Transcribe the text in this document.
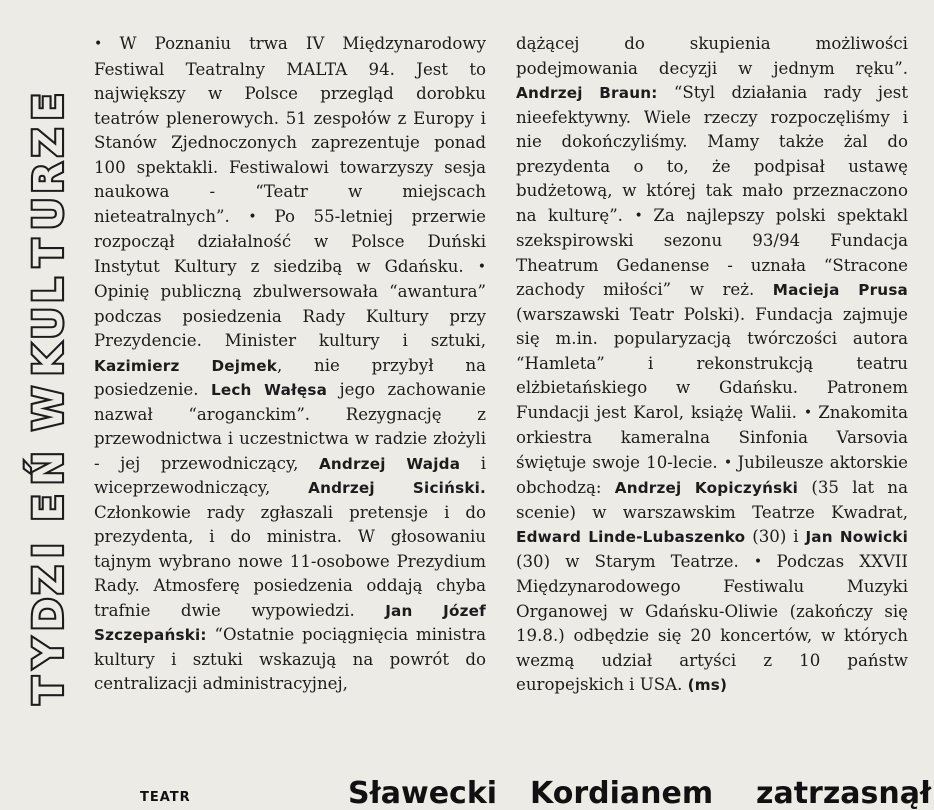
T
Y
D
Z
I
E
Ń
W
K
U
L
T
U
R
Z
E

• W Poznaniu trwa IV Międzynarodowy Festiwal Teatralny MALTA 94. Jest to największy w Polsce przegląd dorobku teatrów plenerowych. 51 zespołów z Europy i Stanów Zjednoczonych zaprezentuje ponad 100 spektakli. Festiwalowi towarzyszy sesja naukowa - “Teatr w miejscach nieteatralnych”. • Po 55-letniej przerwie rozpoczął działalność w Polsce Duński Instytut Kultury z siedzibą w Gdańsku. • Opinię publiczną zbulwersowała “awantura” podczas posiedzenia Rady Kultury przy Prezydencie. Minister kultury i sztuki, Kazimierz Dejmek, nie przybył na posiedzenie. Lech Wałęsa jego zachowanie nazwał “aroganckim”. Rezygnację z przewodnictwa i uczestnictwa w radzie złożyli - jej przewodniczący, Andrzej Wajda i wiceprzewodniczący, Andrzej Siciński. Członkowie rady zgłaszali pretensje i do prezydenta, i do ministra. W głosowaniu tajnym wybrano nowe 11-osobowe Prezydium Rady. Atmosferę posiedzenia oddają chyba trafnie dwie wypowiedzi. Jan Józef Szczepański: “Ostatnie pociągnięcia ministra kultury i sztuki wskazują na powrót do centralizacji administracyjnej,

dążącej do skupienia możliwości podejmowania decyzji w jednym ręku”. Andrzej Braun: “Styl działania rady jest nieefektywny. Wiele rzeczy rozpoczęliśmy i nie dokończyliśmy. Mamy także żal do prezydenta o to, że podpisał ustawę budżetową, w której tak mało przeznaczono na kulturę”. • Za najlepszy polski spektakl szekspirowski sezonu 93/94 Fundacja Theatrum Gedanense - uznała “Stracone zachody miłości” w reż. Macieja Prusa (warszawski Teatr Polski). Fundacja zajmuje się m.in. popularyzacją twórczości autora “Hamleta” i rekonstrukcją teatru elżbietańskiego w Gdańsku. Patronem Fundacji jest Karol, książę Walii. • Znakomita orkiestra kameralna Sinfonia Varsovia świętuje swoje 10-lecie. • Jubileusze aktorskie obchodzą: Andrzej Kopiczyński (35 lat na scenie) w warszawskim Teatrze Kwadrat, Edward Linde-Lubaszenko (30) i Jan Nowicki (30) w Starym Teatrze. • Podczas XXVII Międzynarodowego Festiwalu Muzyki Organowej w Gdańsku-Oliwie (zakończy się 19.8.) odbędzie się 20 koncertów, w których wezmą udział artyści z 10 państw europejskich i USA. (ms)

TEATR	Sławecki Kordianem zatrzasnął
